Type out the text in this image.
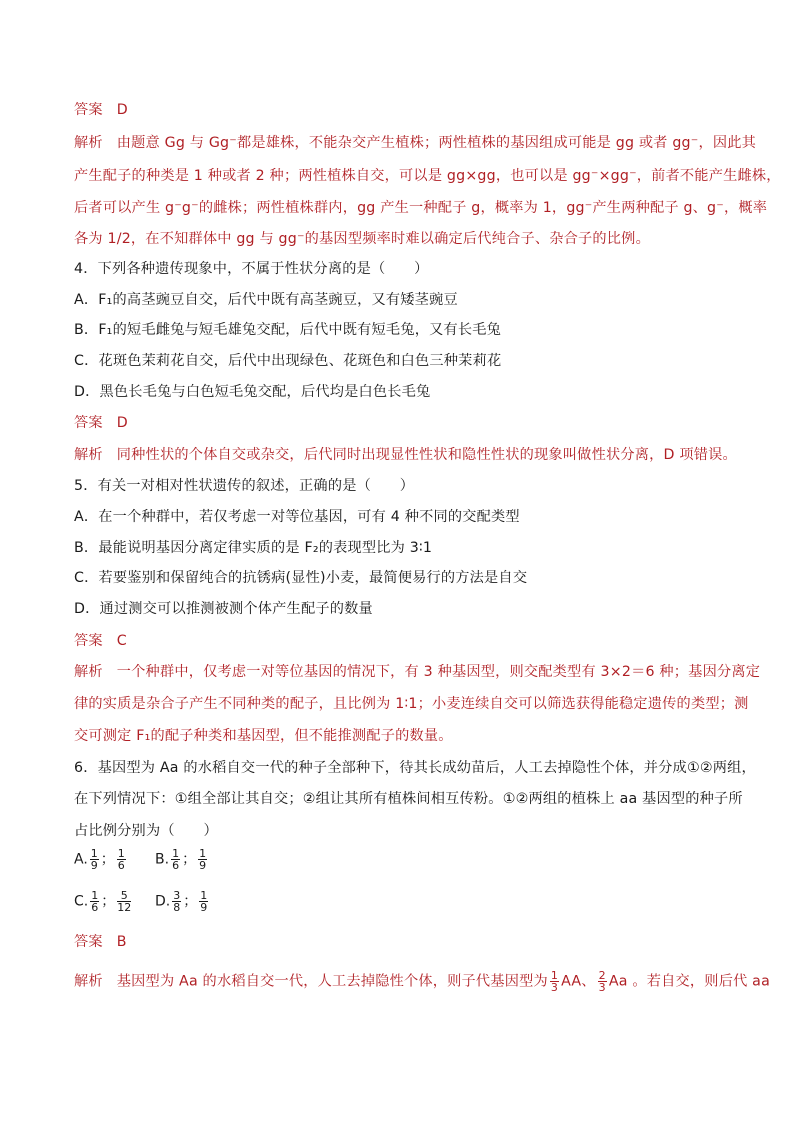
答案 D
解析 由题意 Gg 与 Gg⁻都是雄株，不能杂交产生植株；两性植株的基因组成可能是 gg 或者 gg⁻，因此其
产生配子的种类是 1 种或者 2 种；两性植株自交，可以是 gg×gg，也可以是 gg⁻×gg⁻，前者不能产生雌株，
后者可以产生 g⁻g⁻的雌株；两性植株群内，gg 产生一种配子 g，概率为 1，gg⁻产生两种配子 g、g⁻，概率
各为 1/2，在不知群体中 gg 与 gg⁻的基因型频率时难以确定后代纯合子、杂合子的比例。
4．下列各种遗传现象中，不属于性状分离的是（　　）
A．F₁的高茎豌豆自交，后代中既有高茎豌豆，又有矮茎豌豆
B．F₁的短毛雌兔与短毛雄兔交配，后代中既有短毛兔，又有长毛兔
C．花斑色茉莉花自交，后代中出现绿色、花斑色和白色三种茉莉花
D．黑色长毛兔与白色短毛兔交配，后代均是白色长毛兔
答案 D
解析 同种性状的个体自交或杂交，后代同时出现显性性状和隐性性状的现象叫做性状分离，D 项错误。
5．有关一对相对性状遗传的叙述，正确的是（　　）
A．在一个种群中，若仅考虑一对等位基因，可有 4 种不同的交配类型
B．最能说明基因分离定律实质的是 F₂的表现型比为 3∶1
C．若要鉴别和保留纯合的抗锈病(显性)小麦，最简便易行的方法是自交
D．通过测交可以推测被测个体产生配子的数量
答案 C
解析 一个种群中，仅考虑一对等位基因的情况下，有 3 种基因型，则交配类型有 3×2＝6 种；基因分离定
律的实质是杂合子产生不同种类的配子，且比例为 1∶1；小麦连续自交可以筛选获得能稳定遗传的类型；测
交可测定 F₁的配子种类和基因型，但不能推测配子的数量。
6．基因型为 Aa 的水稻自交一代的种子全部种下，待其长成幼苗后，人工去掉隐性个体，并分成①②两组，
在下列情况下：①组全部让其自交；②组让其所有植株间相互传粉。①②两组的植株上 aa 基因型的种子所
占比例分别为（　　）
A. $\frac{1}{9}$ ； $\frac{1}{6} B$. $\frac{1}{6}$ ； $\frac{1}{9}$
C. $\frac{1}{6}$ ； $\frac{5}{12} D$. $\frac{3}{8}$ ； $\frac{1}{9}$
答案 B
解析 基因型为 Aa 的水稻自交一代，人工去掉隐性个体，则子代基因型为 $\frac{1}{3}$ AA、 $\frac{2}{3}$ Aa 。若自交，则后代 aa
